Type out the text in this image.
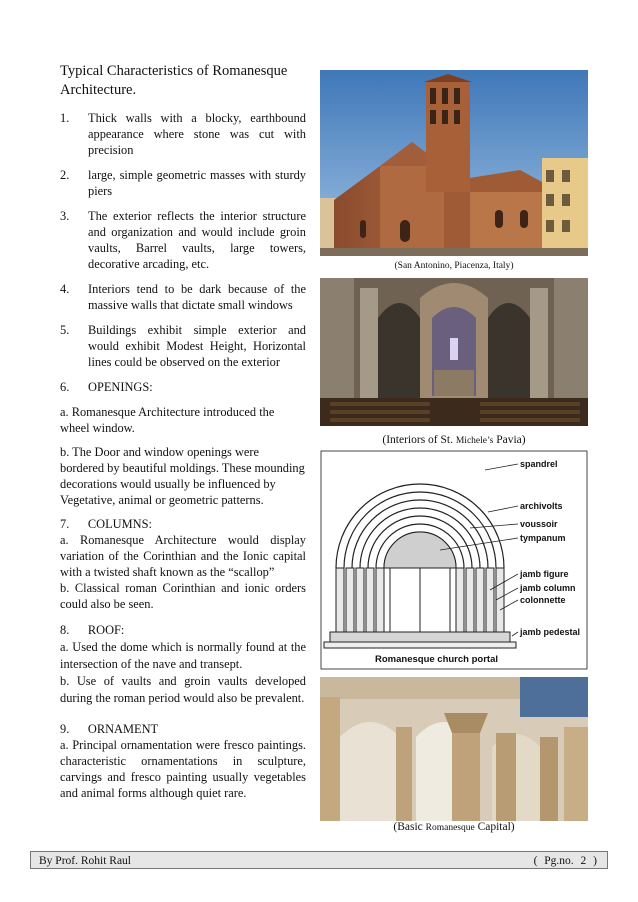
Typical Characteristics of Romanesque Architecture.
1.	Thick walls with a blocky, earthbound appearance where stone was cut with precision
2.	large, simple geometric masses with sturdy piers
3.	The exterior reflects the interior structure and organization and would include groin vaults, Barrel vaults, large towers, decorative arcading, etc.
4.	Interiors tend to be dark because of the massive walls that dictate small windows
5.	Buildings exhibit simple exterior and would exhibit Modest Height, Horizontal lines could be observed on the exterior
6.	OPENINGS:
a. Romanesque Architecture introduced the wheel window.
b. The Door and window openings were bordered by beautiful moldings. These mounding decorations would usually be influenced by Vegetative, animal or geometric patterns.
7.      COLUMNS:
a. Romanesque Architecture would display variation of the Corinthian and the Ionic capital with a twisted shaft known as the “scallop”
b. Classical roman Corinthian and ionic orders could also be seen.
8.      ROOF:
a. Used the dome which is normally found at the intersection of the nave and transept.
b. Use of vaults and groin vaults developed during the roman period would also be prevalent.
9.      ORNAMENT
a. Principal ornamentation were fresco paintings. characteristic ornamentations in sculpture, carvings and fresco painting usually vegetables and animal forms although quiet rare.
(San Antonino, Piacenza, Italy)
(Interiors of St. Michele’s Pavia)
spandrel
archivolts
voussoir
tympanum
jamb figure
jamb column
colonnette
jamb pedestal
Romanesque church portal
(Basic Romanesque Capital)
By Prof. Rohit Raul	( Pg.no. 2 )
